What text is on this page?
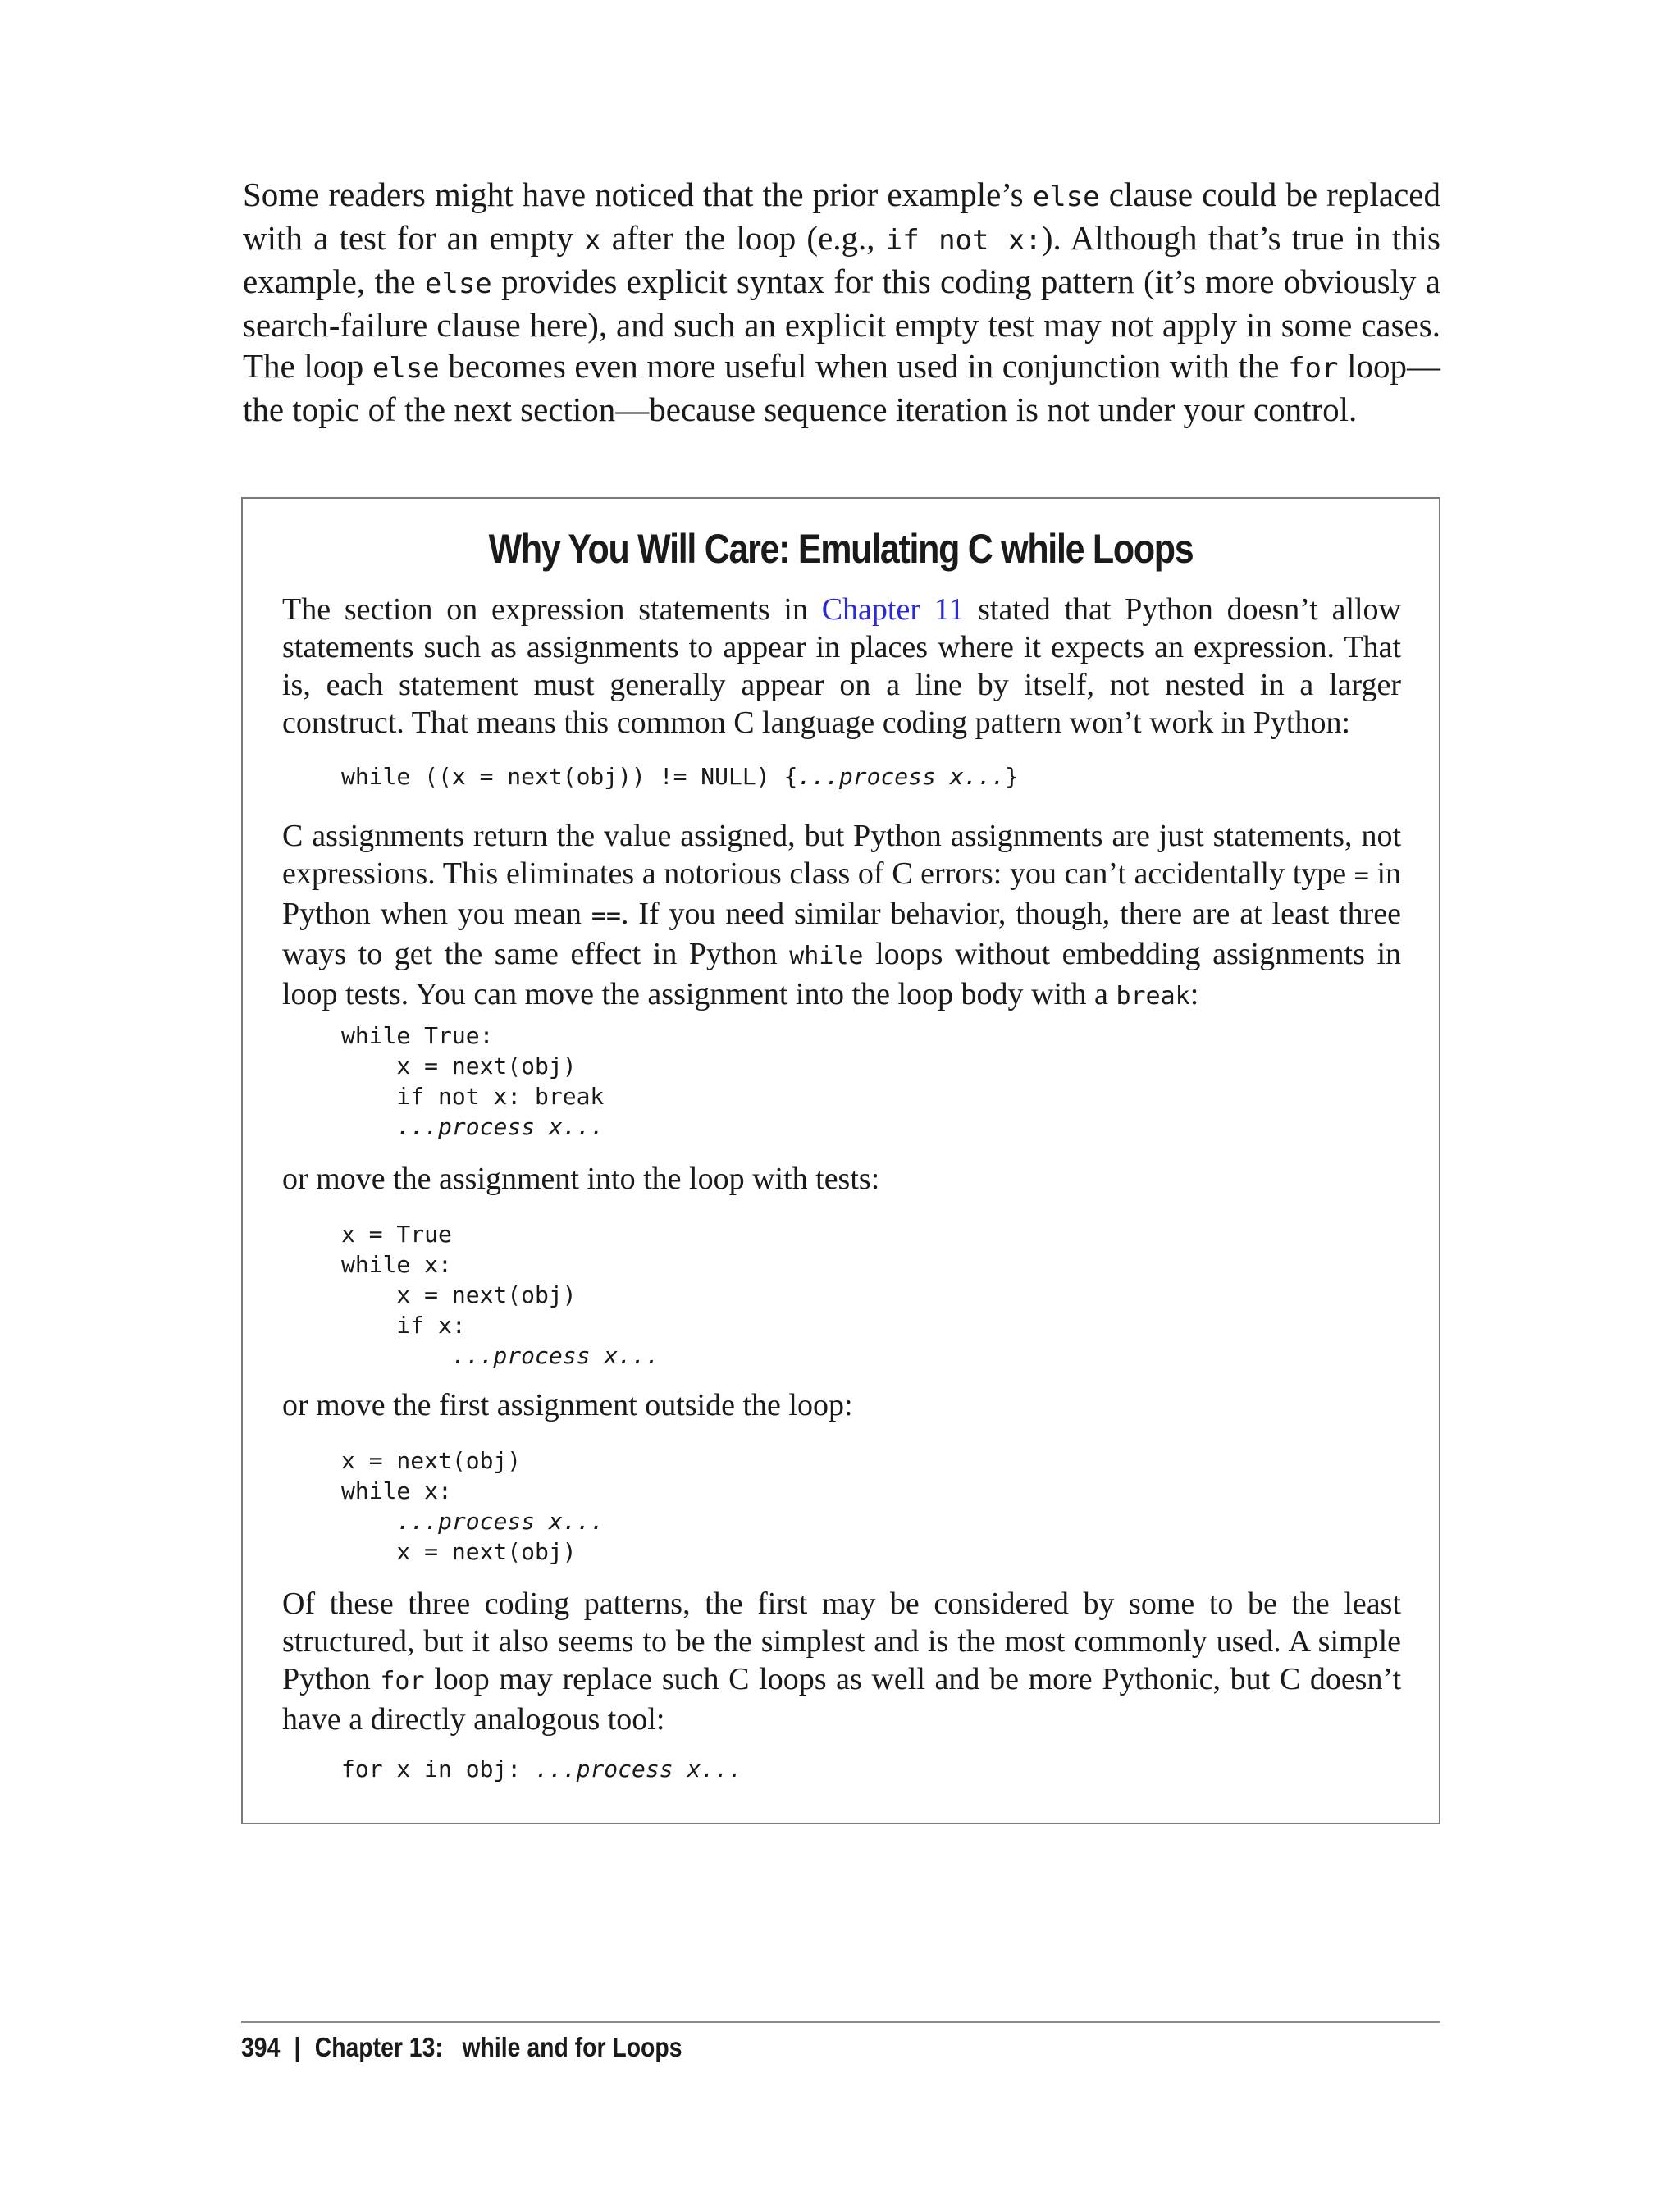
Some readers might have noticed that the prior example’s else clause could be replaced with a test for an empty x after the loop (e.g., if not x:). Although that’s true in this example, the else provides explicit syntax for this coding pattern (it’s more obviously a search-failure clause here), and such an explicit empty test may not apply in some cases. The loop else becomes even more useful when used in conjunction with the for loop—the topic of the next section—because sequence iteration is not under your control.

Why You Will Care: Emulating C while Loops

The section on expression statements in Chapter 11 stated that Python doesn’t allow statements such as assignments to appear in places where it expects an expression. That is, each statement must generally appear on a line by itself, not nested in a larger construct. That means this common C language coding pattern won’t work in Python:

while ((x = next(obj)) != NULL) {...process x...}

C assignments return the value assigned, but Python assignments are just statements, not expressions. This eliminates a notorious class of C errors: you can’t accidentally type = in Python when you mean ==. If you need similar behavior, though, there are at least three ways to get the same effect in Python while loops without embedding assignments in loop tests. You can move the assignment into the loop body with a break:

while True:
x = next(obj)
if not x: break
...process x...

or move the assignment into the loop with tests:

x = True
while x:
x = next(obj)
if x:
...process x...

or move the first assignment outside the loop:

x = next(obj)
while x:
...process x...
x = next(obj)

Of these three coding patterns, the first may be considered by some to be the least structured, but it also seems to be the simplest and is the most commonly used. A simple Python for loop may replace such C loops as well and be more Pythonic, but C doesn’t have a directly analogous tool:

for x in obj: ...process x...
394 | Chapter 13:   while and for Loops
